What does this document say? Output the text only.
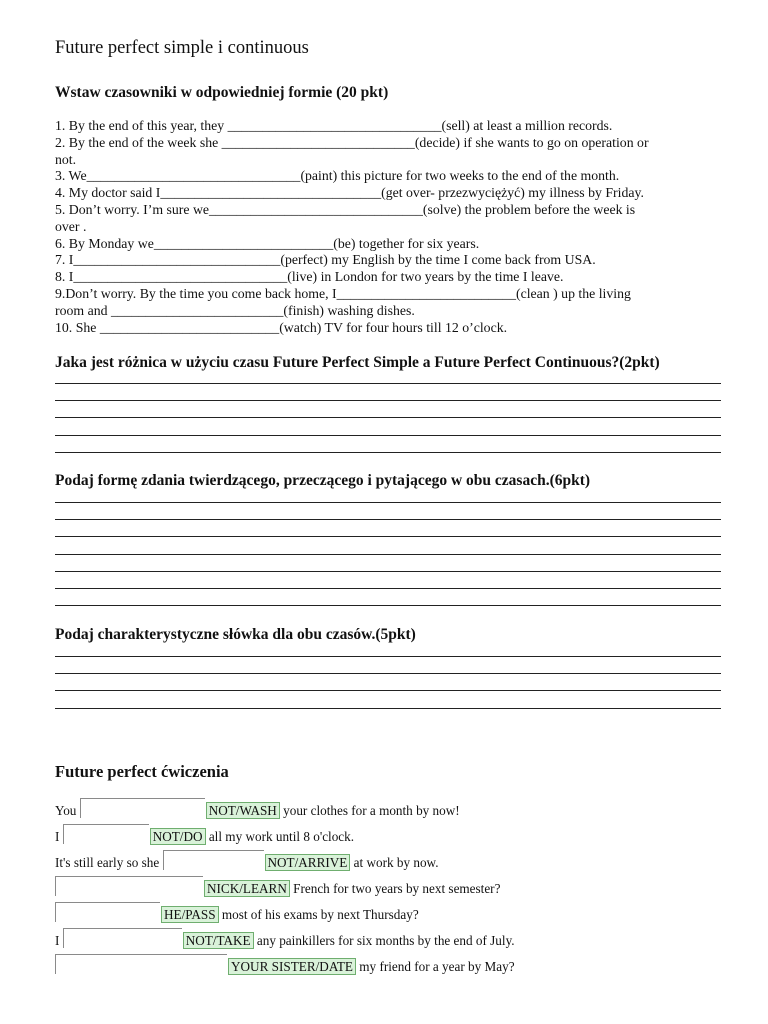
Future perfect simple i continuous
Wstaw czasowniki w odpowiedniej formie (20 pkt)
1. By the end of this year, they _______________________________(sell) at least a million records.
2. By the end of the week she ____________________________(decide) if she wants to go on operation or
not.
3. We_______________________________(paint) this picture for two weeks to the end of the month.
4. My doctor said I________________________________(get over- przezwyciężyć) my illness by Friday.
5. Don’t worry. I’m sure we_______________________________(solve) the problem before the week is
over .
6. By Monday we__________________________(be) together for six years.
7. I______________________________(perfect) my English by the time I come back from USA.
8. I_______________________________(live) in London for two years by the time I leave.
9.Don’t worry. By the time you come back home, I__________________________(clean ) up the living
room and _________________________(finish) washing dishes.
10. She __________________________(watch) TV for four hours till 12 o’clock.
Jaka jest różnica w użyciu czasu Future Perfect Simple a Future Perfect Continuous?(2pkt)
Podaj formę zdania twierdzącego, przeczącego i pytającego w obu czasach.(6pkt)
Podaj charakterystyczne słówka dla obu czasów.(5pkt)
Future perfect ćwiczenia
You	NOT/WASH your clothes for a month by now!
I	NOT/DO all my work until 8 o'clock.
It's still early so she	NOT/ARRIVE at work by now.
NICK/LEARN French for two years by next semester?
HE/PASS most of his exams by next Thursday?
I	NOT/TAKE any painkillers for six months by the end of July.
YOUR SISTER/DATE my friend for a year by May?
